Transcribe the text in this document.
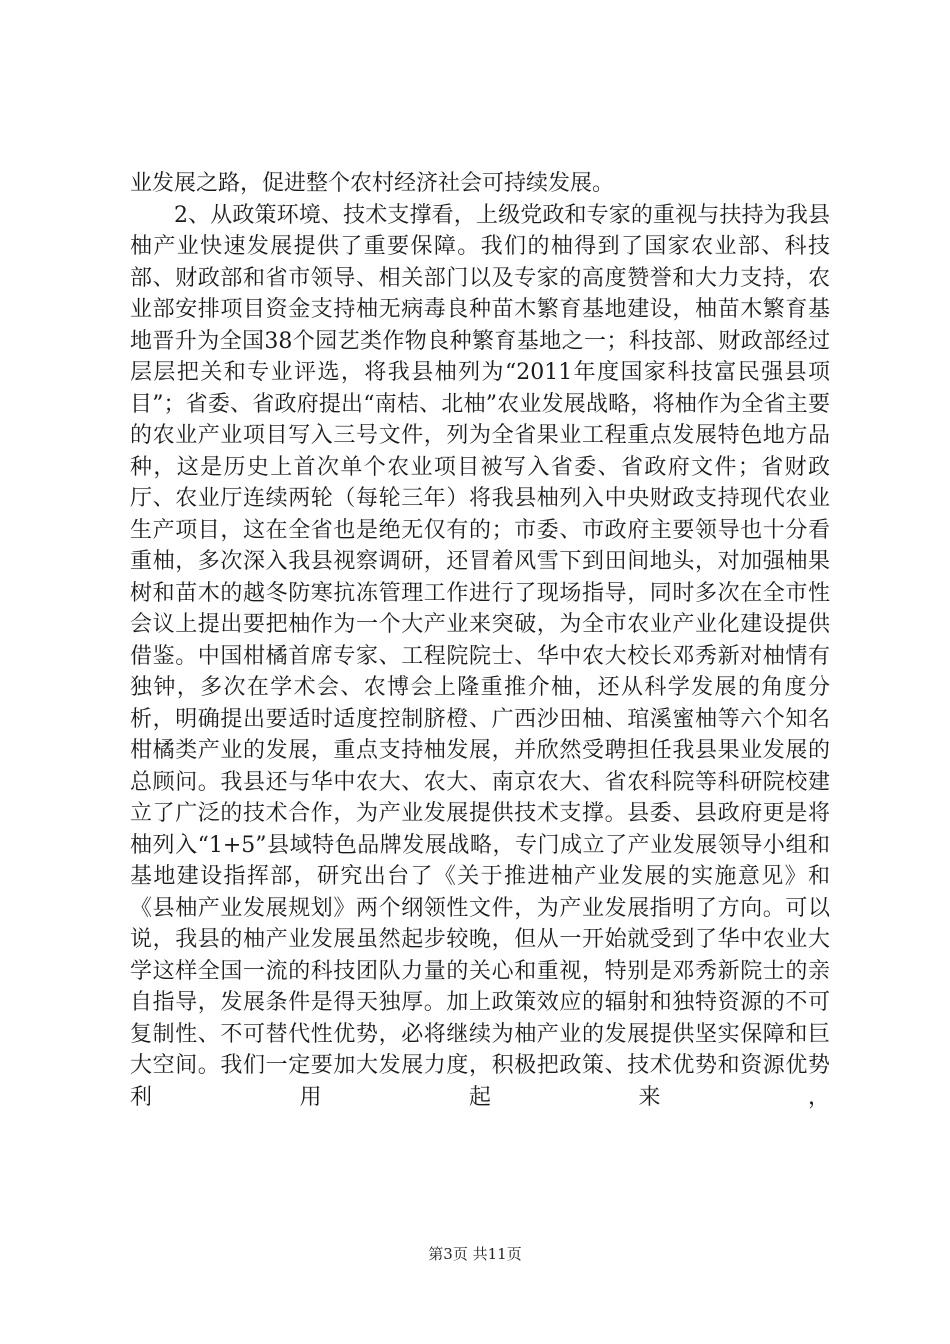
业发展之路，促进整个农村经济社会可持续发展。

2、从政策环境、技术支撑看，上级党政和专家的重视与扶持为我县柚产业快速发展提供了重要保障。我们的柚得到了国家农业部、科技部、财政部和省市领导、相关部门以及专家的高度赞誉和大力支持，农业部安排项目资金支持柚无病毒良种苗木繁育基地建设，柚苗木繁育基地晋升为全国38个园艺类作物良种繁育基地之一；科技部、财政部经过层层把关和专业评选，将我县柚列为“2011年度国家科技富民强县项目”；省委、省政府提出“南桔、北柚”农业发展战略，将柚作为全省主要的农业产业项目写入三号文件，列为全省果业工程重点发展特色地方品种，这是历史上首次单个农业项目被写入省委、省政府文件；省财政厅、农业厅连续两轮（每轮三年）将我县柚列入中央财政支持现代农业生产项目，这在全省也是绝无仅有的；市委、市政府主要领导也十分看重柚，多次深入我县视察调研，还冒着风雪下到田间地头，对加强柚果树和苗木的越冬防寒抗冻管理工作进行了现场指导，同时多次在全市性会议上提出要把柚作为一个大产业来突破，为全市农业产业化建设提供借鉴。中国柑橘首席专家、工程院院士、华中农大校长邓秀新对柚情有独钟，多次在学术会、农博会上隆重推介柚，还从科学发展的角度分析，明确提出要适时适度控制脐橙、广西沙田柚、琯溪蜜柚等六个知名柑橘类产业的发展，重点支持柚发展，并欣然受聘担任我县果业发展的总顾问。我县还与华中农大、农大、南京农大、省农科院等科研院校建立了广泛的技术合作，为产业发展提供技术支撑。县委、县政府更是将柚列入“1+5”县域特色品牌发展战略，专门成立了产业发展领导小组和基地建设指挥部，研究出台了《关于推进柚产业发展的实施意见》和《县柚产业发展规划》两个纲领性文件，为产业发展指明了方向。可以说，我县的柚产业发展虽然起步较晚，但从一开始就受到了华中农业大学这样全国一流的科技团队力量的关心和重视，特别是邓秀新院士的亲自指导，发展条件是得天独厚。加上政策效应的辐射和独特资源的不可复制性、不可替代性优势，必将继续为柚产业的发展提供坚实保障和巨大空间。我们一定要加大发展力度，积极把政策、技术优势和资源优势利用起来，

第3页 共11页
